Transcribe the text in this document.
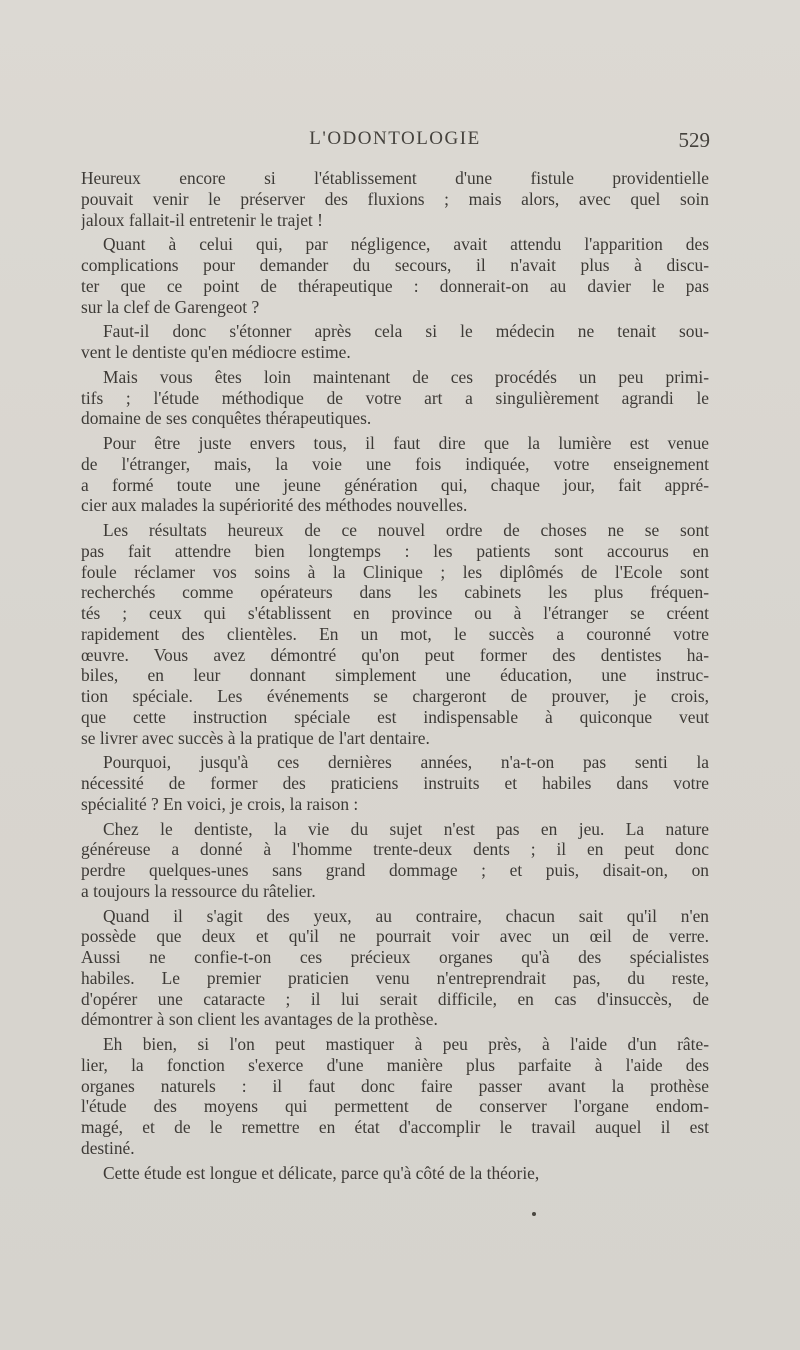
L'ODONTOLOGIE	529

Heureux encore si l'établissement d'une fistule providentielle
pouvait venir le préserver des fluxions ; mais alors, avec quel soin
jaloux fallait-il entretenir le trajet !

Quant à celui qui, par négligence, avait attendu l'apparition des
complications pour demander du secours, il n'avait plus à discu-
ter que ce point de thérapeutique : donnerait-on au davier le pas
sur la clef de Garengeot ?

Faut-il donc s'étonner après cela si le médecin ne tenait sou-
vent le dentiste qu'en médiocre estime.

Mais vous êtes loin maintenant de ces procédés un peu primi-
tifs ; l'étude méthodique de votre art a singulièrement agrandi le
domaine de ses conquêtes thérapeutiques.

Pour être juste envers tous, il faut dire que la lumière est venue
de l'étranger, mais, la voie une fois indiquée, votre enseignement
a formé toute une jeune génération qui, chaque jour, fait appré-
cier aux malades la supériorité des méthodes nouvelles.

Les résultats heureux de ce nouvel ordre de choses ne se sont
pas fait attendre bien longtemps : les patients sont accourus en
foule réclamer vos soins à la Clinique ; les diplômés de l'Ecole sont
recherchés comme opérateurs dans les cabinets les plus fréquen-
tés ; ceux qui s'établissent en province ou à l'étranger se créent
rapidement des clientèles. En un mot, le succès a couronné votre
œuvre. Vous avez démontré qu'on peut former des dentistes ha-
biles, en leur donnant simplement une éducation, une instruc-
tion spéciale. Les événements se chargeront de prouver, je crois,
que cette instruction spéciale est indispensable à quiconque veut
se livrer avec succès à la pratique de l'art dentaire.

Pourquoi, jusqu'à ces dernières années, n'a-t-on pas senti la
nécessité de former des praticiens instruits et habiles dans votre
spécialité ? En voici, je crois, la raison :

Chez le dentiste, la vie du sujet n'est pas en jeu. La nature
généreuse a donné à l'homme trente-deux dents ; il en peut donc
perdre quelques-unes sans grand dommage ; et puis, disait-on, on
a toujours la ressource du râtelier.

Quand il s'agit des yeux, au contraire, chacun sait qu'il n'en
possède que deux et qu'il ne pourrait voir avec un œil de verre.
Aussi ne confie-t-on ces précieux organes qu'à des spécialistes
habiles. Le premier praticien venu n'entreprendrait pas, du reste,
d'opérer une cataracte ; il lui serait difficile, en cas d'insuccès, de
démontrer à son client les avantages de la prothèse.

Eh bien, si l'on peut mastiquer à peu près, à l'aide d'un râte-
lier, la fonction s'exerce d'une manière plus parfaite à l'aide des
organes naturels : il faut donc faire passer avant la prothèse
l'étude des moyens qui permettent de conserver l'organe endom-
magé, et de le remettre en état d'accomplir le travail auquel il est
destiné.

Cette étude est longue et délicate, parce qu'à côté de la théorie,
